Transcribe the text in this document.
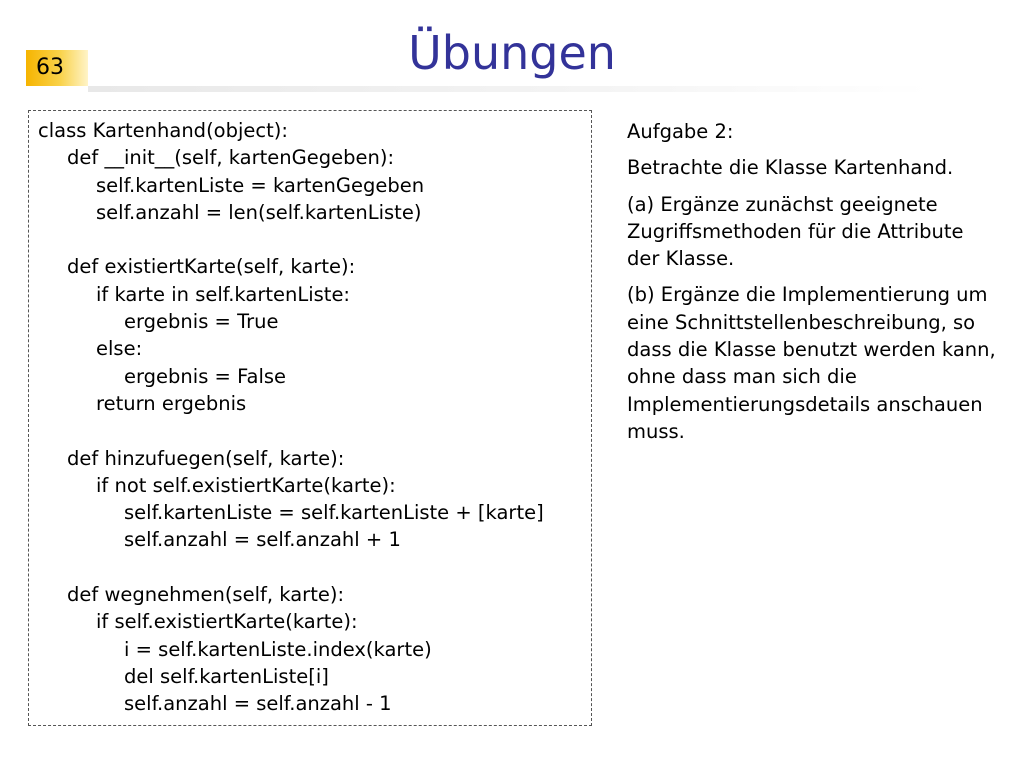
63	Übungen
class Kartenhand(object):
def __init__(self, kartenGegeben):
self.kartenListe = kartenGegeben
self.anzahl = len(self.kartenListe)
def existiertKarte(self, karte):
if karte in self.kartenListe:
ergebnis = True
else:
ergebnis = False
return ergebnis
def hinzufuegen(self, karte):
if not self.existiertKarte(karte):
self.kartenListe = self.kartenListe + [karte]
self.anzahl = self.anzahl + 1
def wegnehmen(self, karte):
if self.existiertKarte(karte):
i = self.kartenListe.index(karte)
del self.kartenListe[i]
self.anzahl = self.anzahl - 1

Aufgabe 2:

Betrachte die Klasse Kartenhand.

(a) Ergänze zunächst geeignete Zugriffsmethoden für die Attribute der Klasse.

(b) Ergänze die Implementierung um eine Schnittstellenbeschreibung, so dass die Klasse benutzt werden kann, ohne dass man sich die Implementierungsdetails anschauen muss.
